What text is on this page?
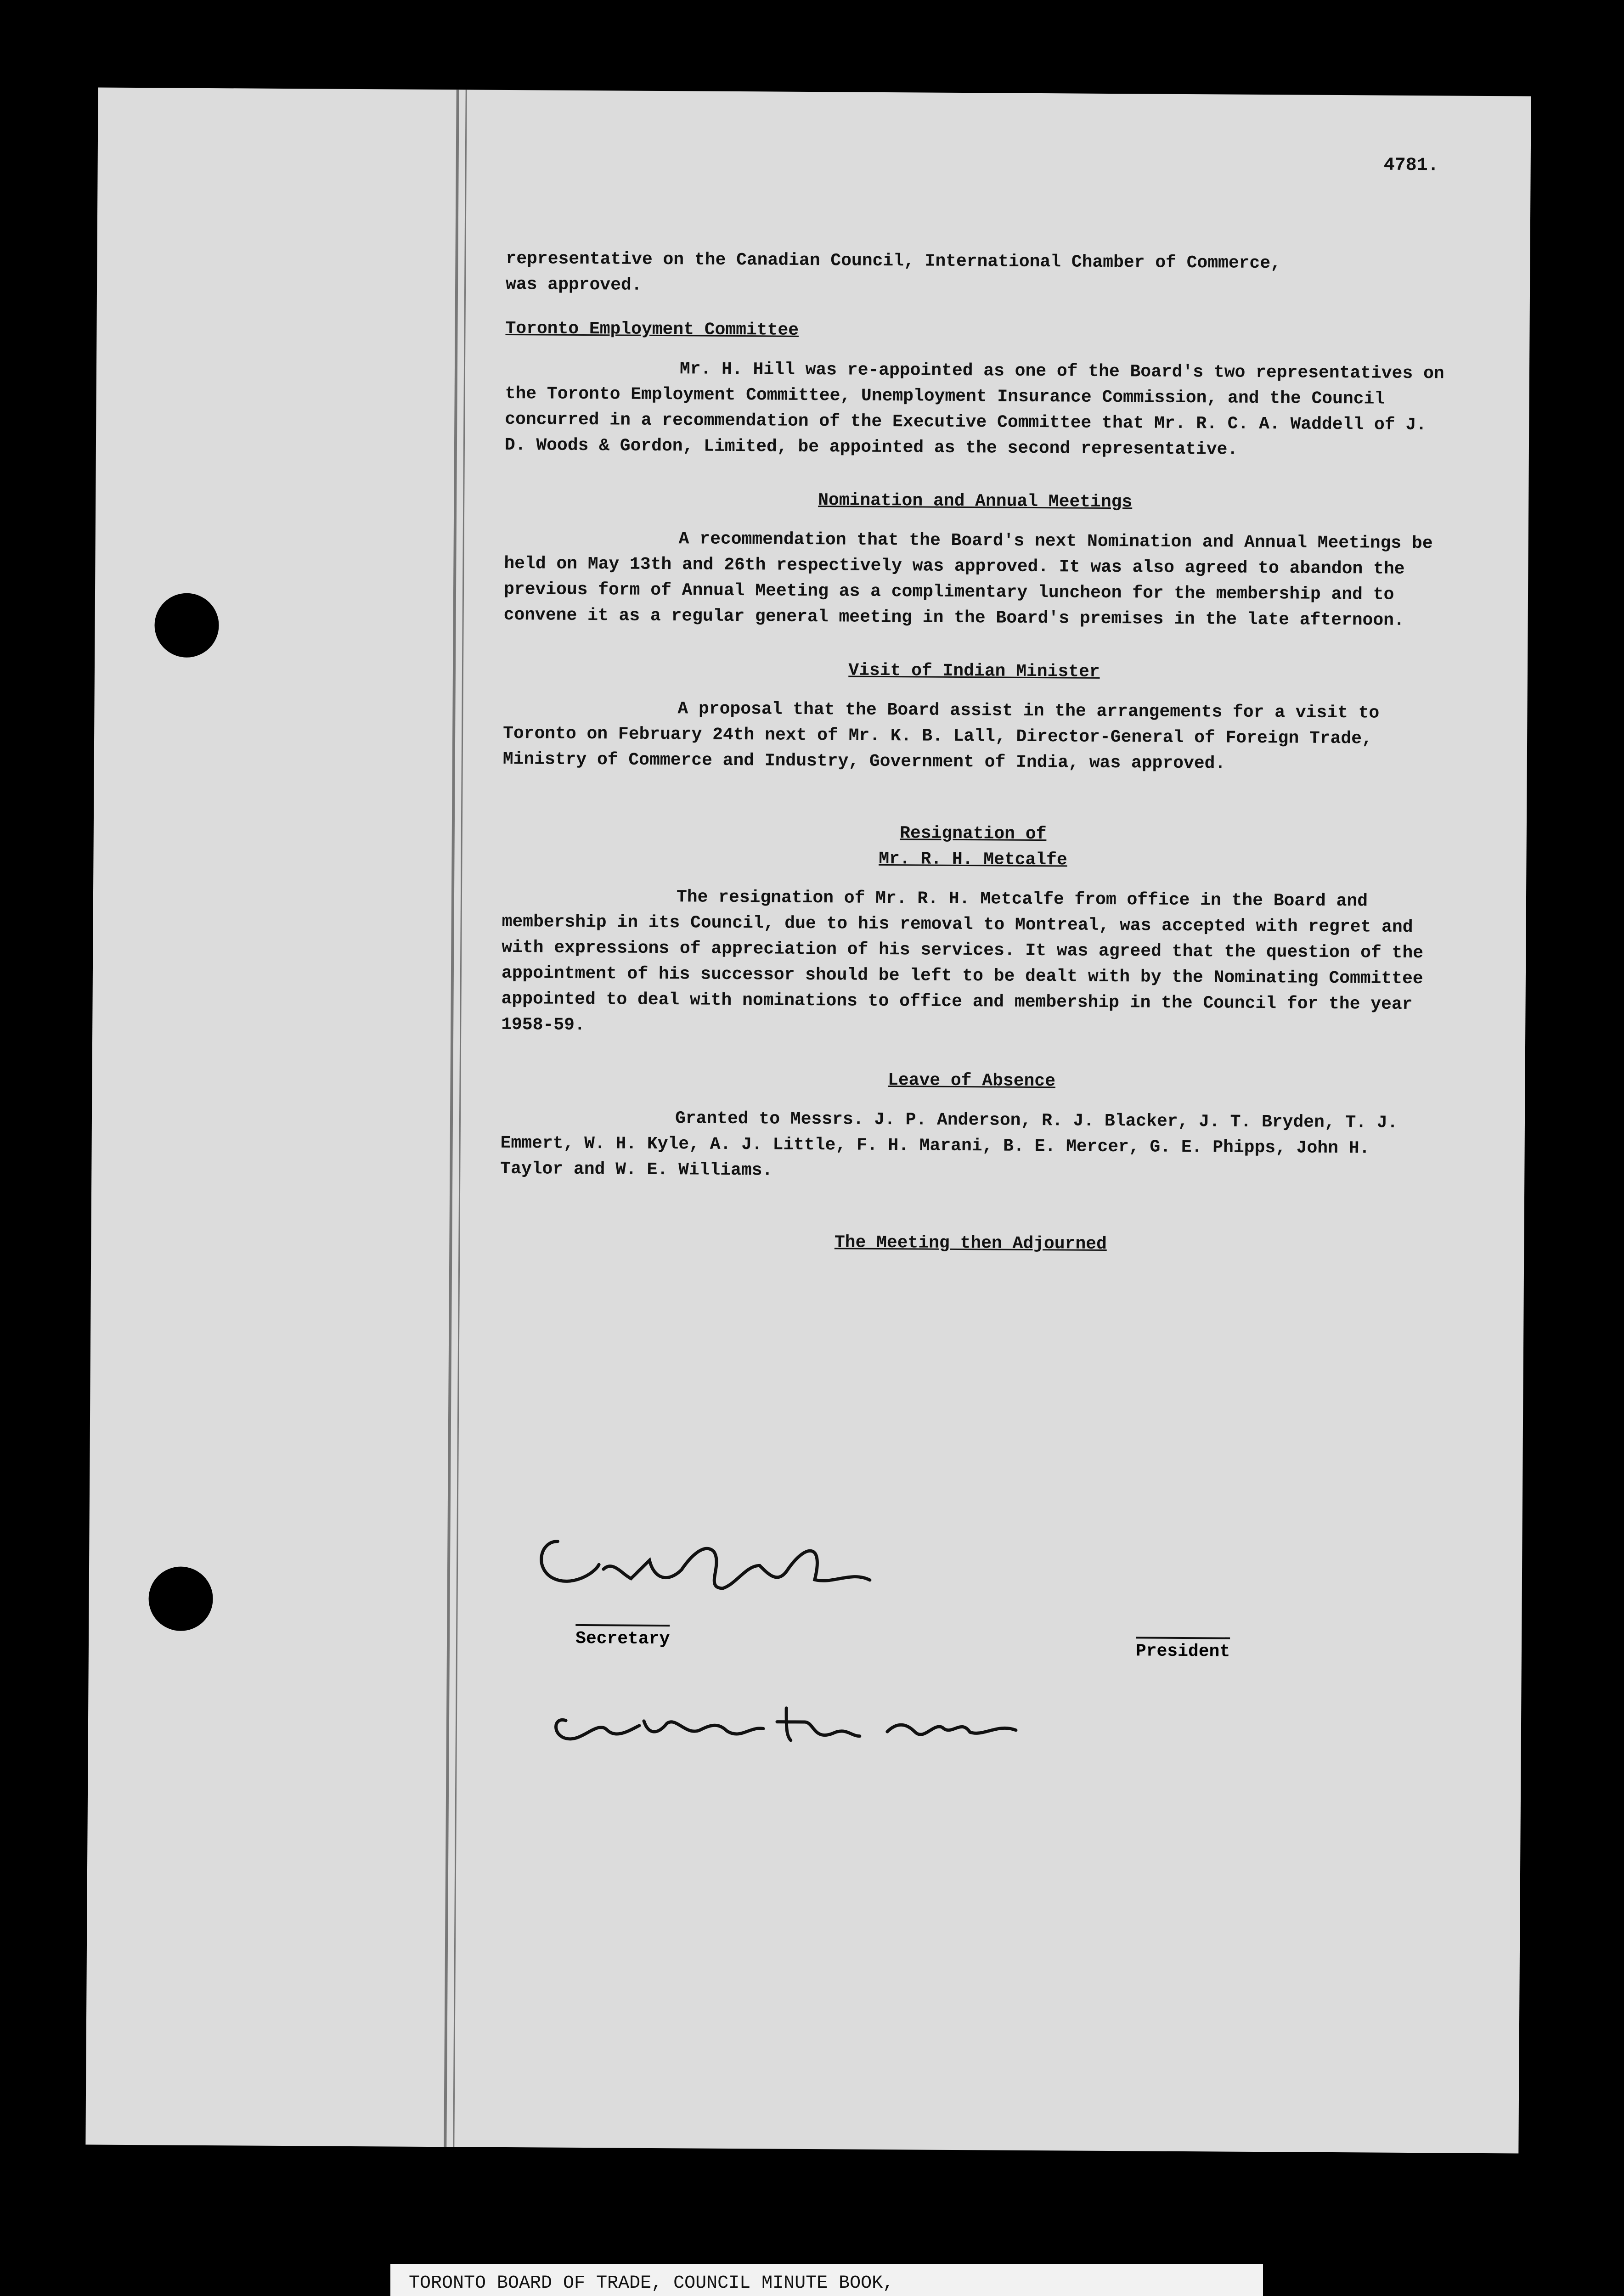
4781.

representative on the Canadian Council, International Chamber of Commerce,
was approved.

Toronto Employment Committee

Mr. H. Hill was re-appointed as one of the Board's two representatives on the Toronto Employment Committee, Unemployment Insurance Commission, and the Council concurred in a recommendation of the Executive Committee that Mr. R. C. A. Waddell of J. D. Woods & Gordon, Limited, be appointed as the second representative.

Nomination and Annual Meetings

A recommendation that the Board's next Nomination and Annual Meetings be held on May 13th and 26th respectively was approved. It was also agreed to abandon the previous form of Annual Meeting as a complimentary luncheon for the membership and to convene it as a regular general meeting in the Board's premises in the late afternoon.

Visit of Indian Minister

A proposal that the Board assist in the arrangements for a visit to Toronto on February 24th next of Mr. K. B. Lall, Director-General of Foreign Trade, Ministry of Commerce and Industry, Government of India, was approved.

Resignation of
Mr. R. H. Metcalfe

The resignation of Mr. R. H. Metcalfe from office in the Board and membership in its Council, due to his removal to Montreal, was accepted with regret and with expressions of appreciation of his services. It was agreed that the question of the appointment of his successor should be left to be dealt with by the Nominating Committee appointed to deal with nominations to office and membership in the Council for the year 1958-59.

Leave of Absence

Granted to Messrs. J. P. Anderson, R. J. Blacker, J. T. Bryden, T. J. Emmert, W. H. Kyle, A. J. Little, F. H. Marani, B. E. Mercer, G. E. Phipps, John H. Taylor and W. E. Williams.

The Meeting then Adjourned
Secretary
President
TORONTO BOARD OF TRADE, COUNCIL MINUTE BOOK,
